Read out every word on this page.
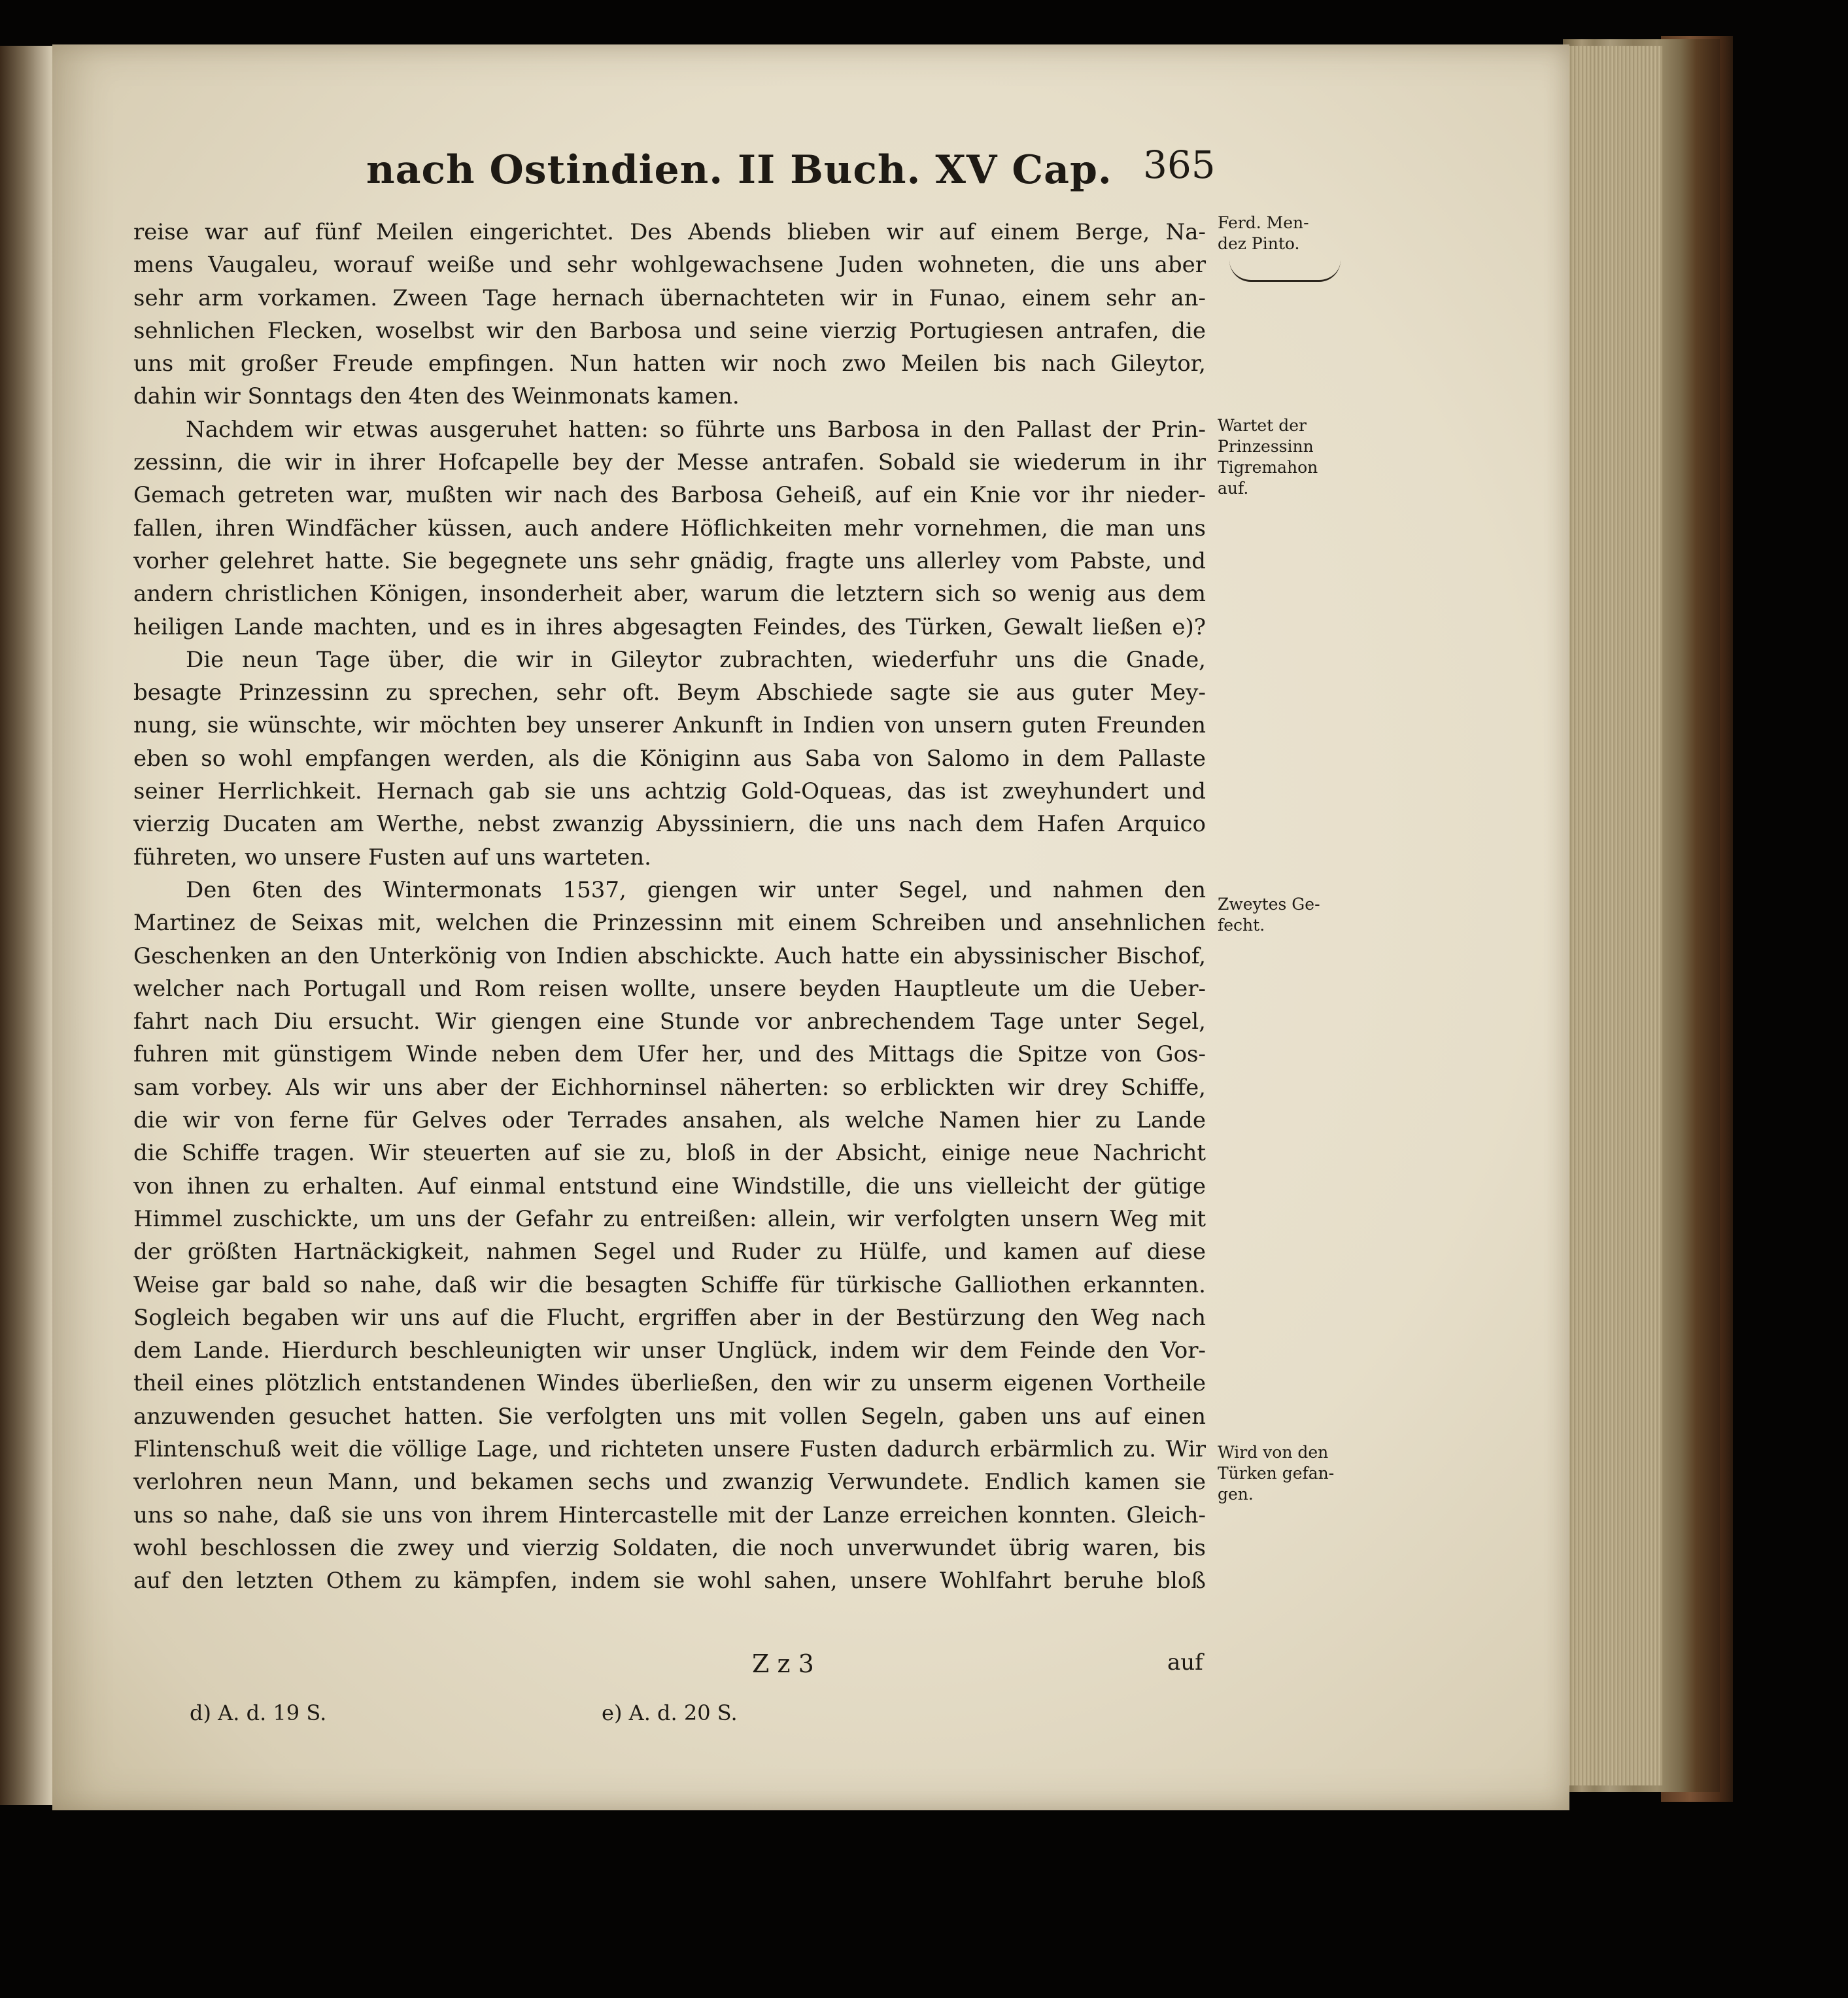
nach Ostindien. II Buch. XV Cap. 365
reise war auf fünf Meilen eingerichtet. Des Abends blieben wir auf einem Berge, Na-
mens Vaugaleu, worauf weiße und sehr wohlgewachsene Juden wohneten, die uns aber
sehr arm vorkamen. Zween Tage hernach übernachteten wir in Funao, einem sehr an-
sehnlichen Flecken, woselbst wir den Barbosa und seine vierzig Portugiesen antrafen, die
uns mit großer Freude empfingen. Nun hatten wir noch zwo Meilen bis nach Gileytor,
dahin wir Sonntags den 4ten des Weinmonats kamen.
Nachdem wir etwas ausgeruhet hatten: so führte uns Barbosa in den Pallast der Prin-
zessinn, die wir in ihrer Hofcapelle bey der Messe antrafen. Sobald sie wiederum in ihr
Gemach getreten war, mußten wir nach des Barbosa Geheiß, auf ein Knie vor ihr nieder-
fallen, ihren Windfächer küssen, auch andere Höflichkeiten mehr vornehmen, die man uns
vorher gelehret hatte. Sie begegnete uns sehr gnädig, fragte uns allerley vom Pabste, und
andern christlichen Königen, insonderheit aber, warum die letztern sich so wenig aus dem
heiligen Lande machten, und es in ihres abgesagten Feindes, des Türken, Gewalt ließen e)?
Die neun Tage über, die wir in Gileytor zubrachten, wiederfuhr uns die Gnade,
besagte Prinzessinn zu sprechen, sehr oft. Beym Abschiede sagte sie aus guter Mey-
nung, sie wünschte, wir möchten bey unserer Ankunft in Indien von unsern guten Freunden
eben so wohl empfangen werden, als die Königinn aus Saba von Salomo in dem Pallaste
seiner Herrlichkeit. Hernach gab sie uns achtzig Gold-Oqueas, das ist zweyhundert und
vierzig Ducaten am Werthe, nebst zwanzig Abyssiniern, die uns nach dem Hafen Arquico
führeten, wo unsere Fusten auf uns warteten.
Den 6ten des Wintermonats 1537, giengen wir unter Segel, und nahmen den
Martinez de Seixas mit, welchen die Prinzessinn mit einem Schreiben und ansehnlichen
Geschenken an den Unterkönig von Indien abschickte. Auch hatte ein abyssinischer Bischof,
welcher nach Portugall und Rom reisen wollte, unsere beyden Hauptleute um die Ueber-
fahrt nach Diu ersucht. Wir giengen eine Stunde vor anbrechendem Tage unter Segel,
fuhren mit günstigem Winde neben dem Ufer her, und des Mittags die Spitze von Gos-
sam vorbey. Als wir uns aber der Eichhorninsel näherten: so erblickten wir drey Schiffe,
die wir von ferne für Gelves oder Terrades ansahen, als welche Namen hier zu Lande
die Schiffe tragen. Wir steuerten auf sie zu, bloß in der Absicht, einige neue Nachricht
von ihnen zu erhalten. Auf einmal entstund eine Windstille, die uns vielleicht der gütige
Himmel zuschickte, um uns der Gefahr zu entreißen: allein, wir verfolgten unsern Weg mit
der größten Hartnäckigkeit, nahmen Segel und Ruder zu Hülfe, und kamen auf diese
Weise gar bald so nahe, daß wir die besagten Schiffe für türkische Galliothen erkannten.
Sogleich begaben wir uns auf die Flucht, ergriffen aber in der Bestürzung den Weg nach
dem Lande. Hierdurch beschleunigten wir unser Unglück, indem wir dem Feinde den Vor-
theil eines plötzlich entstandenen Windes überließen, den wir zu unserm eigenen Vortheile
anzuwenden gesuchet hatten. Sie verfolgten uns mit vollen Segeln, gaben uns auf einen
Flintenschuß weit die völlige Lage, und richteten unsere Fusten dadurch erbärmlich zu. Wir
verlohren neun Mann, und bekamen sechs und zwanzig Verwundete. Endlich kamen sie
uns so nahe, daß sie uns von ihrem Hintercastelle mit der Lanze erreichen konnten. Gleich-
wohl beschlossen die zwey und vierzig Soldaten, die noch unverwundet übrig waren, bis
auf den letzten Othem zu kämpfen, indem sie wohl sahen, unsere Wohlfahrt beruhe bloß
Ferd. Men-
dez Pinto.
Wartet der
Prinzessinn
Tigremahon
auf.
Zweytes Ge-
fecht.
Wird von den
Türken gefan-
gen.
Z z 3	auf
d) A. d. 19 S.	e) A. d. 20 S.
